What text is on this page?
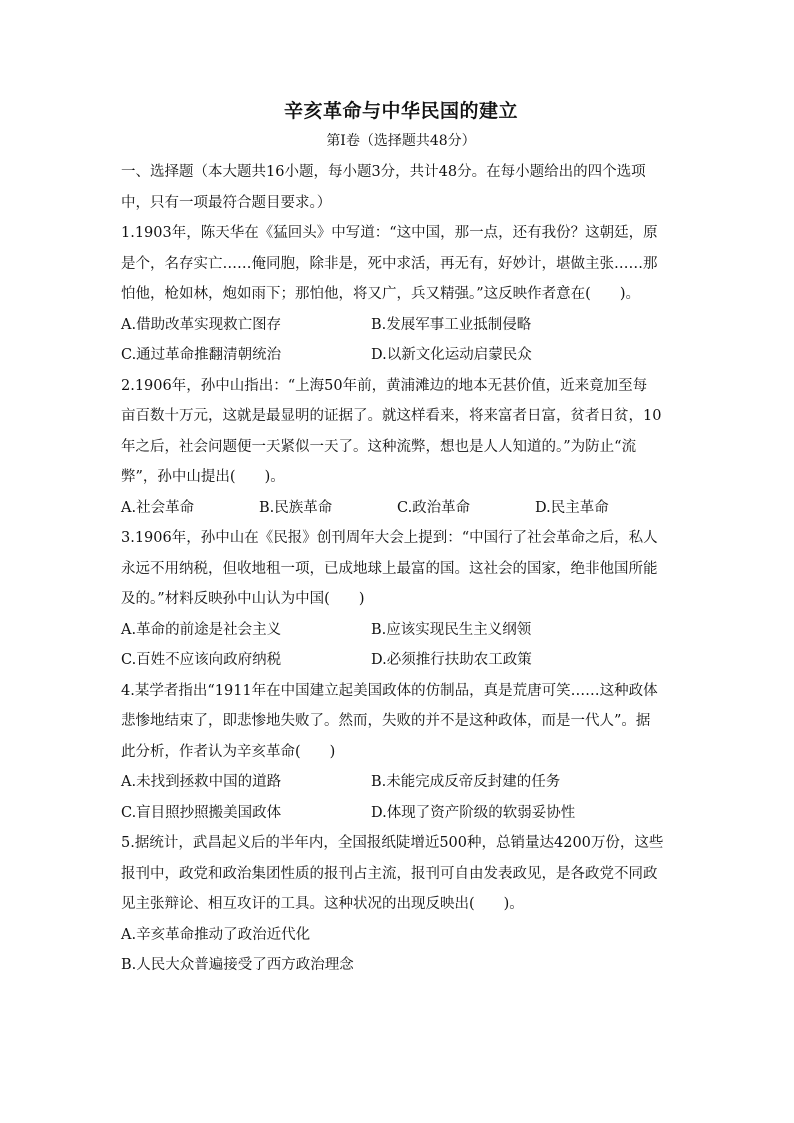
辛亥革命与中华民国的建立
第Ⅰ卷（选择题共48分）
一、选择题（本大题共16小题，每小题3分，共计48分。在每小题给出的四个选项
中，只有一项最符合题目要求。）
1.1903年，陈天华在《猛回头》中写道：“这中国，那一点，还有我份？这朝廷，原
是个，名存实亡……俺同胞，除非是，死中求活，再无有，好妙计，堪做主张……那
怕他，枪如林，炮如雨下；那怕他，将又广，兵又精强。”这反映作者意在(　　)。
A.借助改革实现救亡图存	B.发展军事工业抵制侵略
C.通过革命推翻清朝统治	D.以新文化运动启蒙民众
2.1906年，孙中山指出：“上海50年前，黄浦滩边的地本无甚价值，近来竟加至每
亩百数十万元，这就是最显明的证据了。就这样看来，将来富者日富，贫者日贫，10
年之后，社会问题便一天紧似一天了。这种流弊，想也是人人知道的。”为防止“流
弊”，孙中山提出(　　)。
A.社会革命	B.民族革命	C.政治革命	D.民主革命
3.1906年，孙中山在《民报》创刊周年大会上提到：“中国行了社会革命之后，私人
永远不用纳税，但收地租一项，已成地球上最富的国。这社会的国家，绝非他国所能
及的。”材料反映孙中山认为中国(　　)
A.革命的前途是社会主义	B.应该实现民生主义纲领
C.百姓不应该向政府纳税	D.必须推行扶助农工政策
4.某学者指出“1911年在中国建立起美国政体的仿制品，真是荒唐可笑……这种政体
悲惨地结束了，即悲惨地失败了。然而，失败的并不是这种政体，而是一代人”。据
此分析，作者认为辛亥革命(　　)
A.未找到拯救中国的道路	B.未能完成反帝反封建的任务
C.盲目照抄照搬美国政体	D.体现了资产阶级的软弱妥协性
5.据统计，武昌起义后的半年内，全国报纸陡增近500种，总销量达4200万份，这些
报刊中，政党和政治集团性质的报刊占主流，报刊可自由发表政见，是各政党不同政
见主张辩论、相互攻讦的工具。这种状况的出现反映出(　　)。
A.辛亥革命推动了政治近代化
B.人民大众普遍接受了西方政治理念
